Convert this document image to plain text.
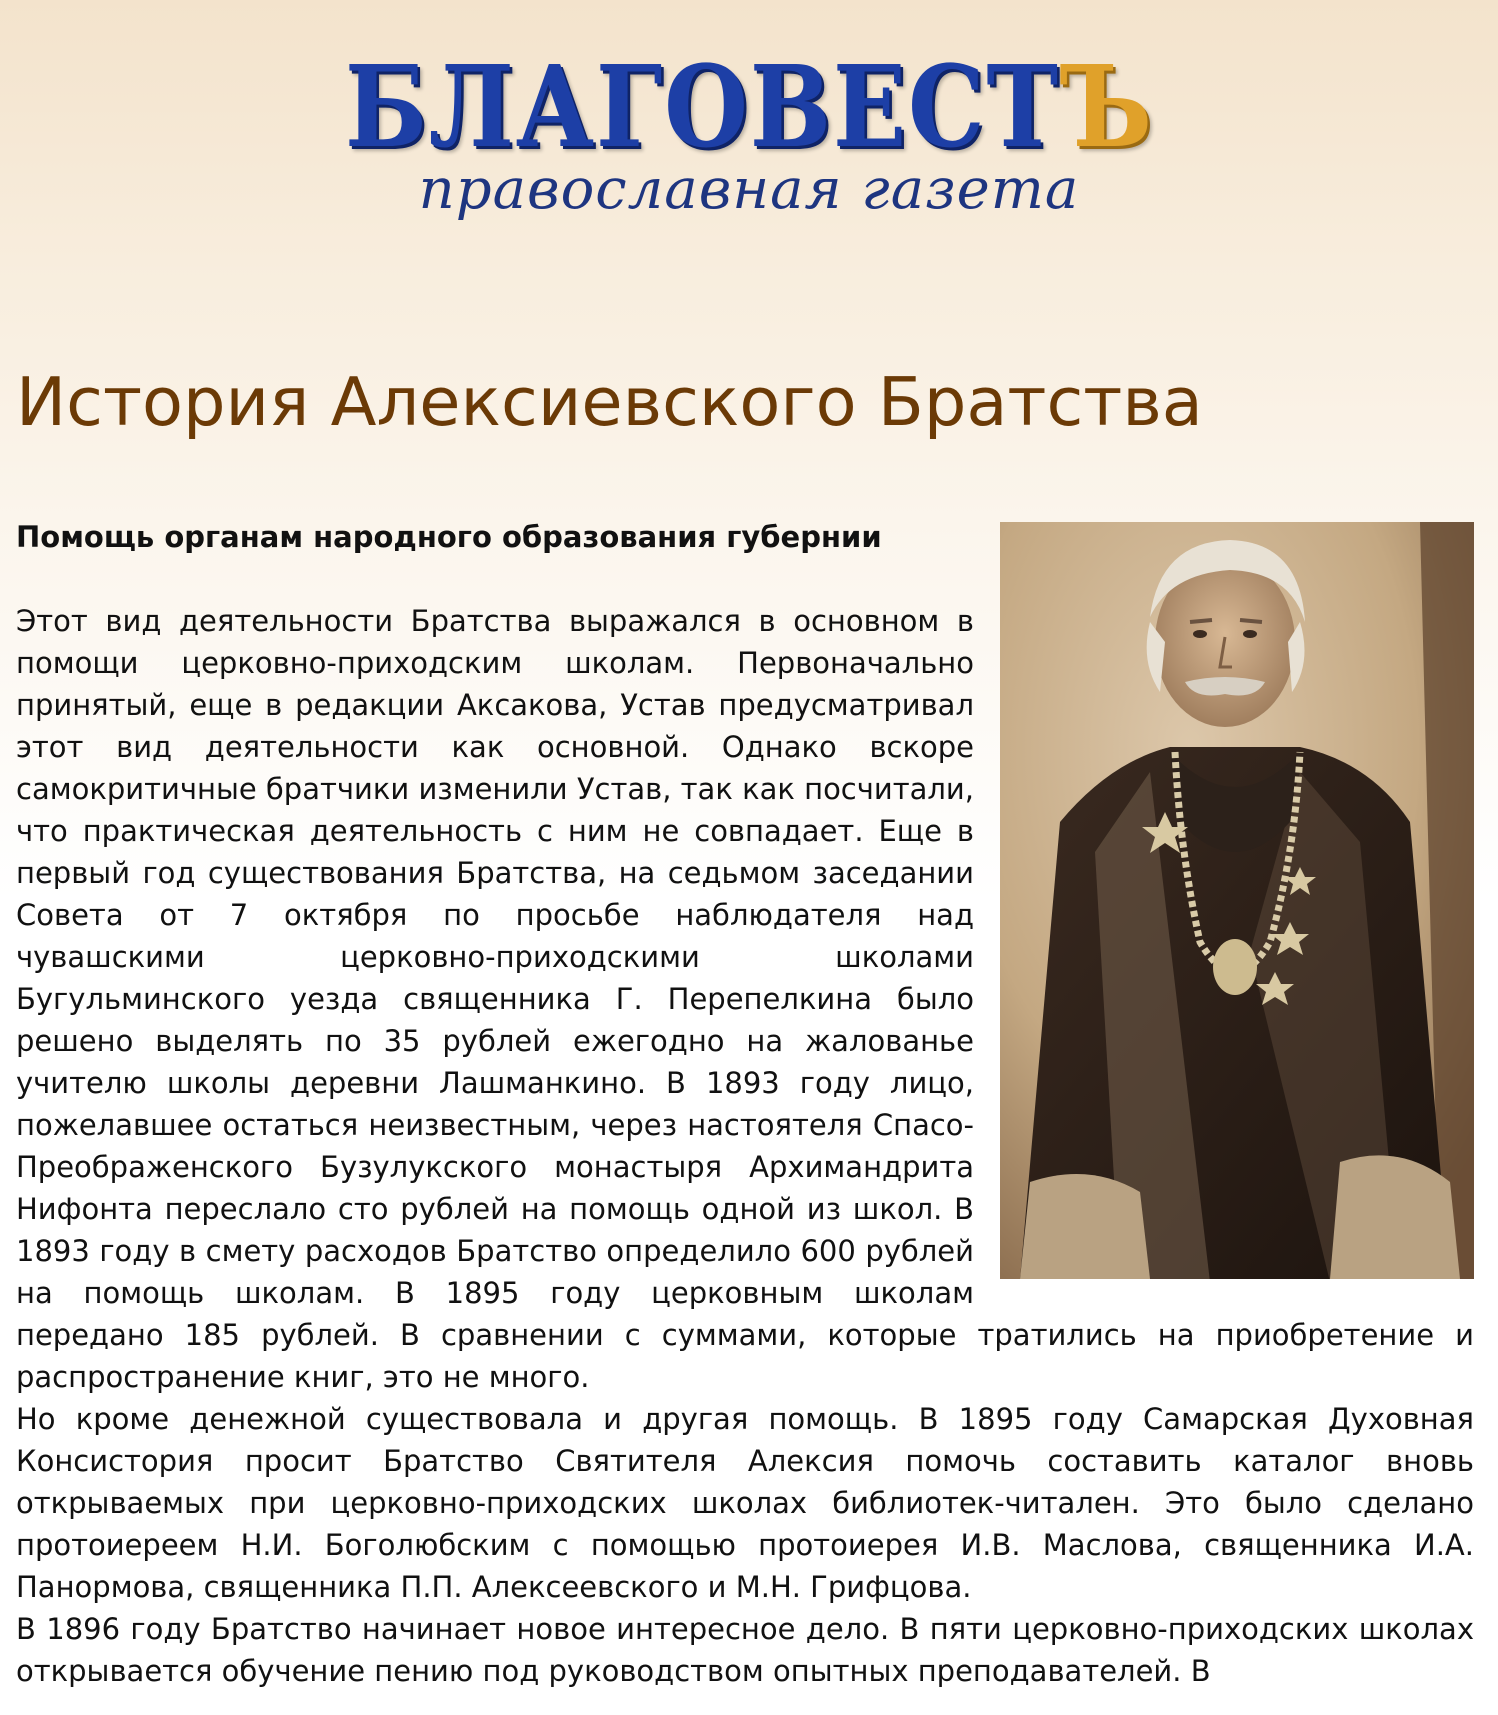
БЛАГОВЕСТЪ
православная газета
История Алексиевского Братства
Помощь органам народного образования губернии

Этот вид деятельности Братства выражался в основном в помощи церковно-приходским школам. Первоначально принятый, еще в редакции Аксакова, Устав предусматривал этот вид деятельности как основной. Однако вскоре самокритичные братчики изменили Устав, так как посчитали, что практическая деятельность с ним не совпадает. Еще в первый год существования Братства, на седьмом заседании Совета от 7 октября по просьбе наблюдателя над чувашскими церковно-приходскими школами Бугульминского уезда священника Г. Перепелкина было решено выделять по 35 рублей ежегодно на жалованье учителю школы деревни Лашманкино. В 1893 году лицо, пожелавшее остаться неизвестным, через настоятеля Спасо-Преображенского Бузулукского монастыря Архимандрита Нифонта переслало сто рублей на помощь одной из школ. В 1893 году в смету расходов Братство определило 600 рублей на помощь школам. В 1895 году церковным школам передано 185 рублей. В сравнении с суммами, которые тратились на приобретение и распространение книг, это не много.

Но кроме денежной существовала и другая помощь. В 1895 году Самарская Духовная Консистория просит Братство Святителя Алексия помочь составить каталог вновь открываемых при церковно-приходских школах библиотек-читален. Это было сделано протоиереем Н.И. Боголюбским с помощью протоиерея И.В. Маслова, священника И.А. Панормова, священника П.П. Алексеевского и М.Н. Грифцова.

В 1896 году Братство начинает новое интересное дело. В пяти церковно-приходских школах открывается обучение пению под руководством опытных преподавателей. В
